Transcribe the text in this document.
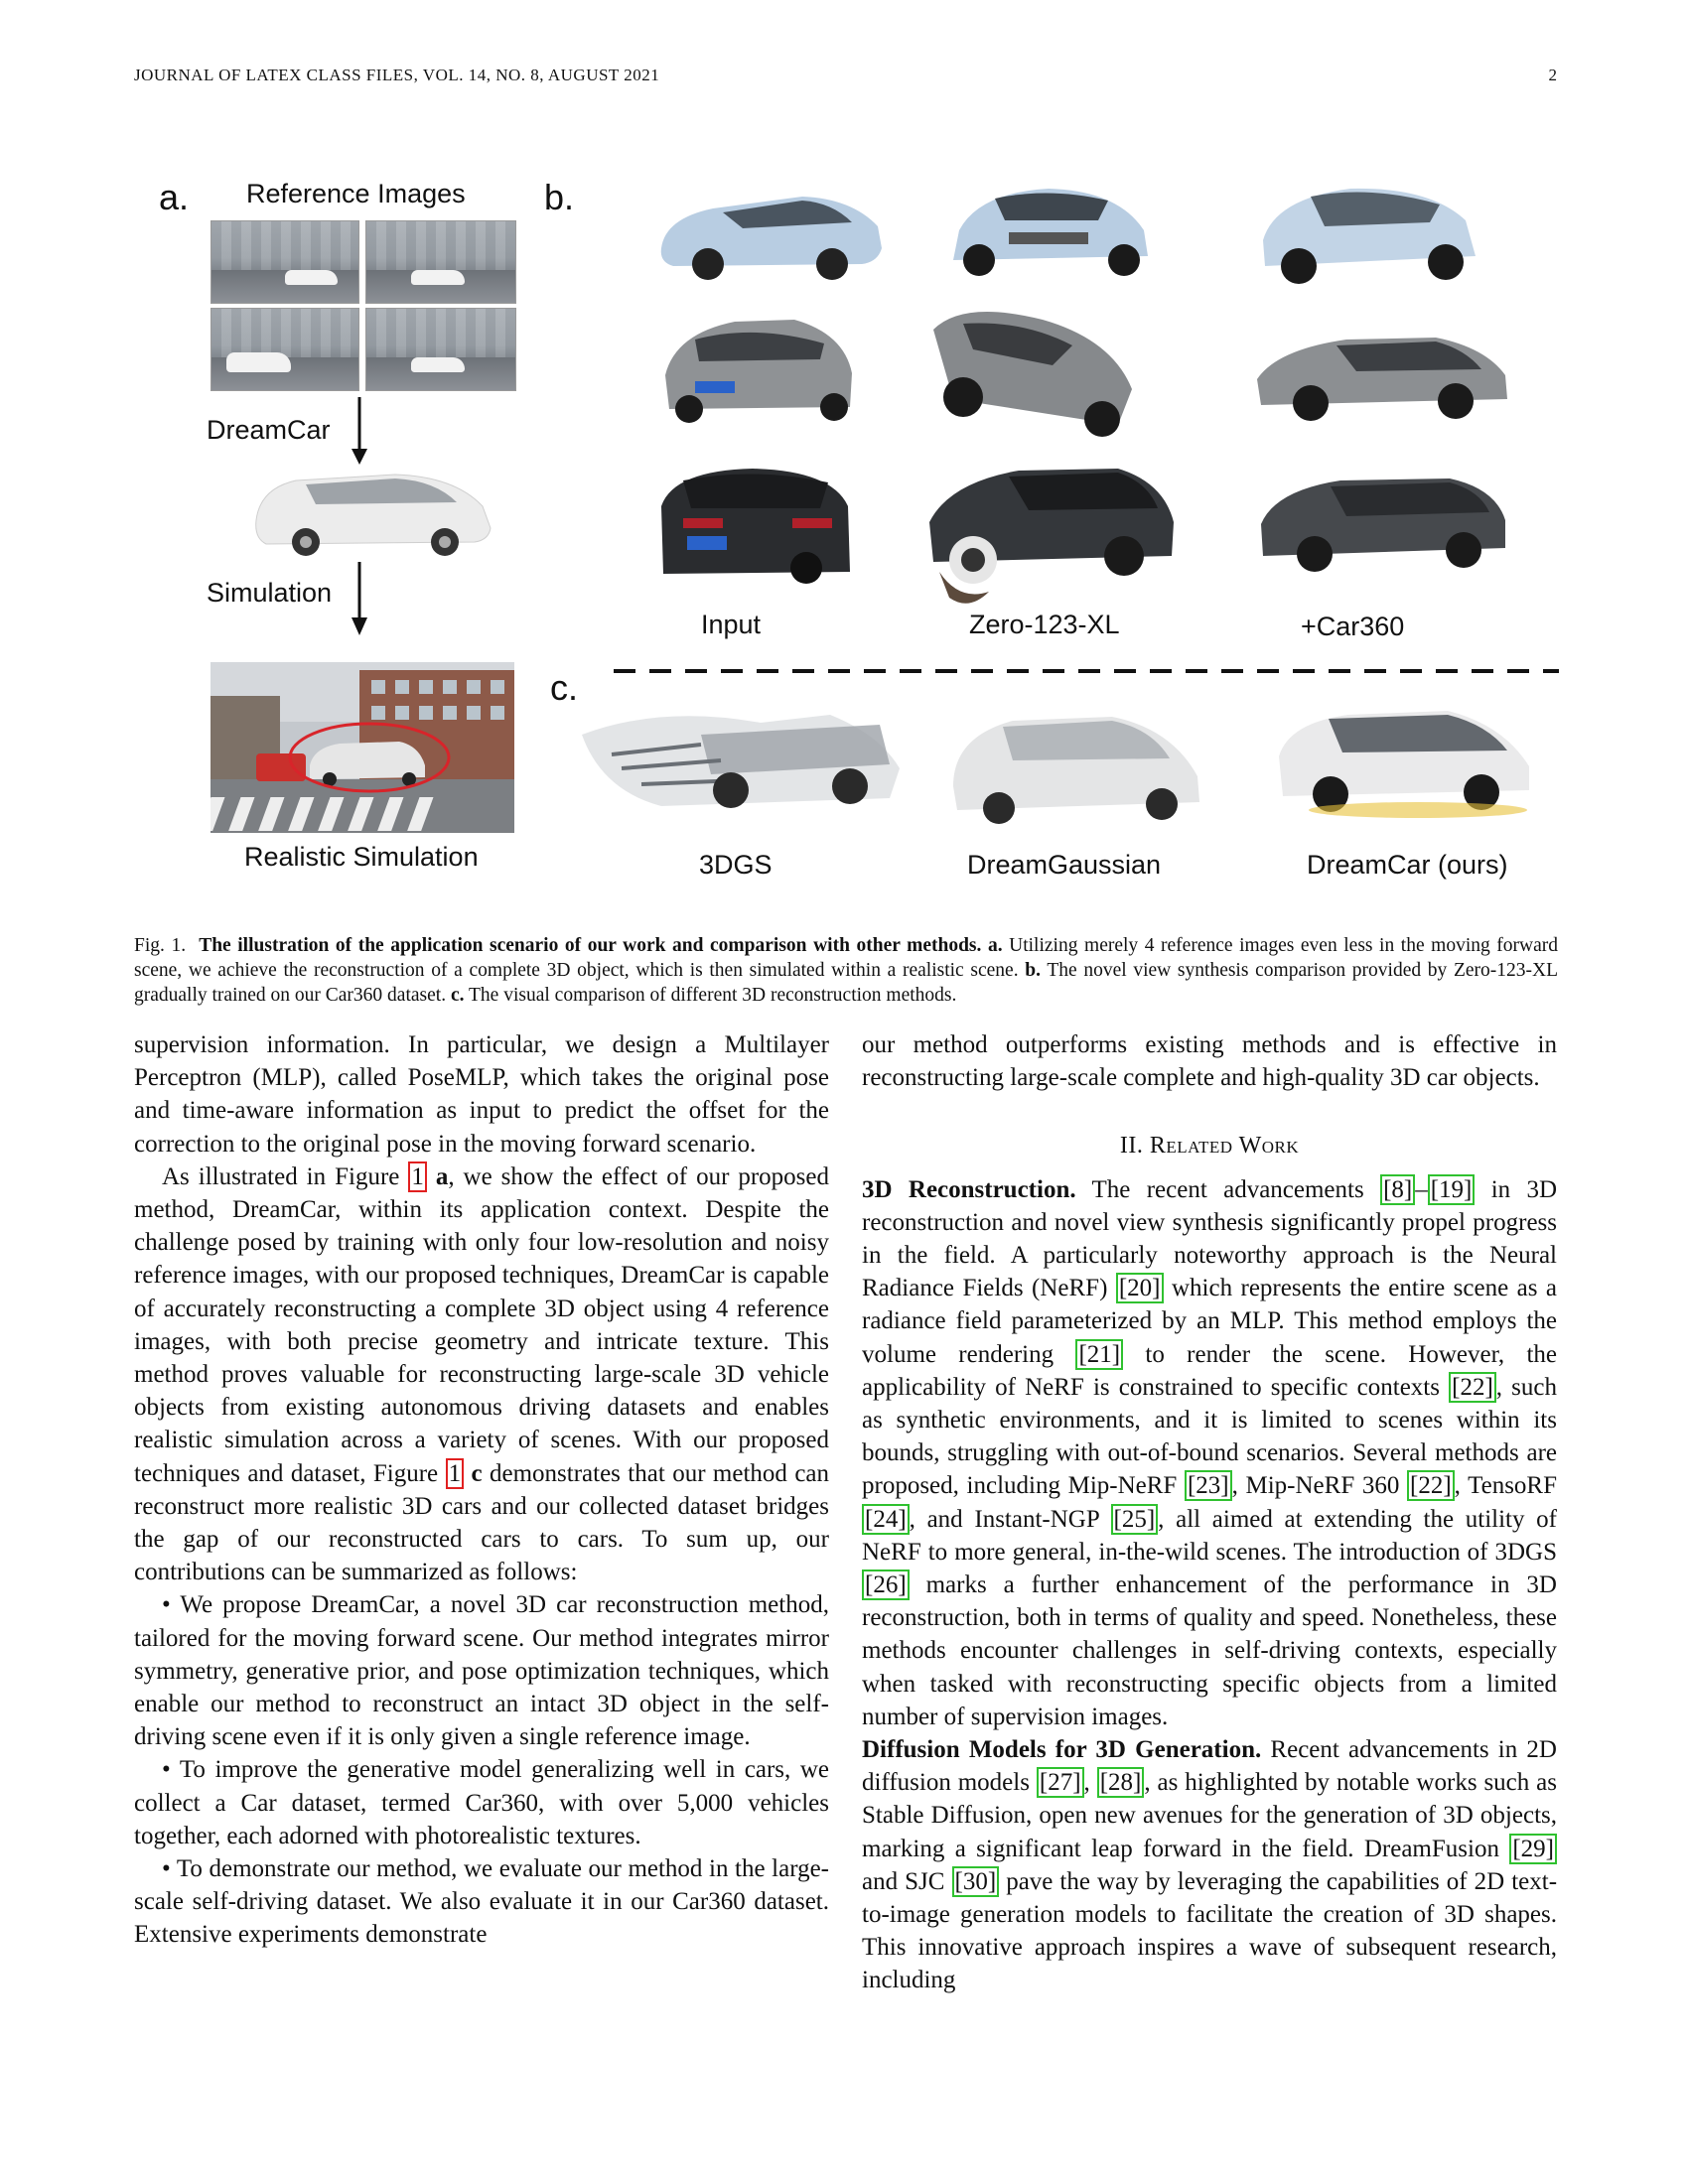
JOURNAL OF LATEX CLASS FILES, VOL. 14, NO. 8, AUGUST 2021	2
a. Reference Images
DreamCar
Simulation
Realistic Simulation
b.
Input	Zero-123-XL	+Car360
c.
3DGS	DreamGaussian	DreamCar (ours)
Fig. 1. The illustration of the application scenario of our work and comparison with other methods. a. Utilizing merely 4 reference images even less in the moving forward scene, we achieve the reconstruction of a complete 3D object, which is then simulated within a realistic scene. b. The novel view synthesis comparison provided by Zero-123-XL gradually trained on our Car360 dataset. c. The visual comparison of different 3D reconstruction methods.

supervision information. In particular, we design a Multilayer Perceptron (MLP), called PoseMLP, which takes the original pose and time-aware information as input to predict the offset for the correction to the original pose in the moving forward scenario.

As illustrated in Figure 1 a, we show the effect of our proposed method, DreamCar, within its application context. Despite the challenge posed by training with only four low-resolution and noisy reference images, with our proposed techniques, DreamCar is capable of accurately reconstructing a complete 3D object using 4 reference images, with both precise geometry and intricate texture. This method proves valuable for reconstructing large-scale 3D vehicle objects from existing autonomous driving datasets and enables realistic simulation across a variety of scenes. With our proposed techniques and dataset, Figure 1 c demonstrates that our method can reconstruct more realistic 3D cars and our collected dataset bridges the gap of our reconstructed cars to cars. To sum up, our contributions can be summarized as follows:

• We propose DreamCar, a novel 3D car reconstruction method, tailored for the moving forward scene. Our method integrates mirror symmetry, generative prior, and pose optimization techniques, which enable our method to reconstruct an intact 3D object in the self-driving scene even if it is only given a single reference image.

• To improve the generative model generalizing well in cars, we collect a Car dataset, termed Car360, with over 5,000 vehicles together, each adorned with photorealistic textures.

• To demonstrate our method, we evaluate our method in the large-scale self-driving dataset. We also evaluate it in our Car360 dataset. Extensive experiments demonstrate

our method outperforms existing methods and is effective in reconstructing large-scale complete and high-quality 3D car objects.

II. Related Work

3D Reconstruction. The recent advancements [8] – [19] in 3D reconstruction and novel view synthesis significantly propel progress in the field. A particularly noteworthy approach is the Neural Radiance Fields (NeRF) [20] which represents the entire scene as a radiance field parameterized by an MLP. This method employs the volume rendering [21] to render the scene. However, the applicability of NeRF is constrained to specific contexts [22] , such as synthetic environments, and it is limited to scenes within its bounds, struggling with out-of-bound scenarios. Several methods are proposed, including Mip-NeRF [23] , Mip-NeRF 360 [22] , TensoRF [24] , and Instant-NGP [25] , all aimed at extending the utility of NeRF to more general, in-the-wild scenes. The introduction of 3DGS [26] marks a further enhancement of the performance in 3D reconstruction, both in terms of quality and speed. Nonetheless, these methods encounter challenges in self-driving contexts, especially when tasked with reconstructing specific objects from a limited number of supervision images.

Diffusion Models for 3D Generation. Recent advancements in 2D diffusion models [27] , [28] , as highlighted by notable works such as Stable Diffusion, open new avenues for the generation of 3D objects, marking a significant leap forward in the field. DreamFusion [29] and SJC [30] pave the way by leveraging the capabilities of 2D text-to-image generation models to facilitate the creation of 3D shapes. This innovative approach inspires a wave of subsequent research, including
